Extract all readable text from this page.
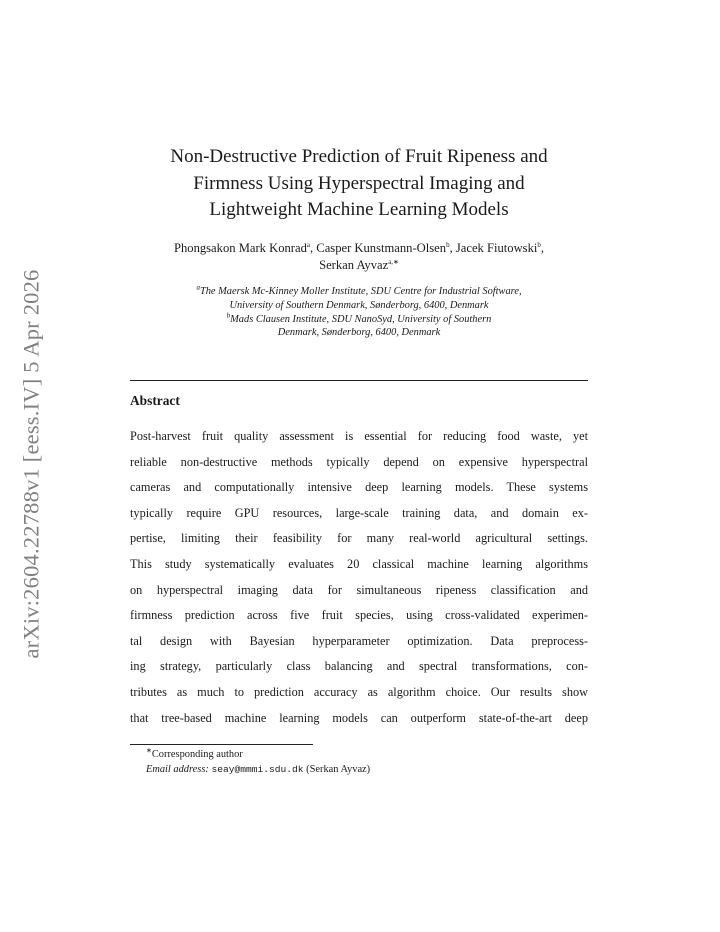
arXiv:2604.22788v1 [eess.IV] 5 Apr 2026
Non-Destructive Prediction of Fruit Ripeness and
Firmness Using Hyperspectral Imaging and
Lightweight Machine Learning Models
Phongsakon Mark Konrad$^a$, Casper Kunstmann-Olsen$^b$, Jacek Fiutowski$^b$,
Serkan Ayvaz$^{a,∗}$
$^a$The Maersk Mc-Kinney Moller Institute, SDU Centre for Industrial Software,
University of Southern Denmark, Sønderborg, 6400, Denmark
$^b$Mads Clausen Institute, SDU NanoSyd, University of Southern
Denmark, Sønderborg, 6400, Denmark
Abstract
Post-harvest fruit quality assessment is essential for reducing food waste, yet
reliable non-destructive methods typically depend on expensive hyperspectral
cameras and computationally intensive deep learning models. These systems
typically require GPU resources, large-scale training data, and domain ex-
pertise, limiting their feasibility for many real-world agricultural settings.
This study systematically evaluates 20 classical machine learning algorithms
on hyperspectral imaging data for simultaneous ripeness classification and
firmness prediction across five fruit species, using cross-validated experimen-
tal design with Bayesian hyperparameter optimization. Data preprocess-
ing strategy, particularly class balancing and spectral transformations, con-
tributes as much to prediction accuracy as algorithm choice. Our results show
that tree-based machine learning models can outperform state-of-the-art deep
∗Corresponding author
Email address: seay@mmmi.sdu.dk (Serkan Ayvaz)
